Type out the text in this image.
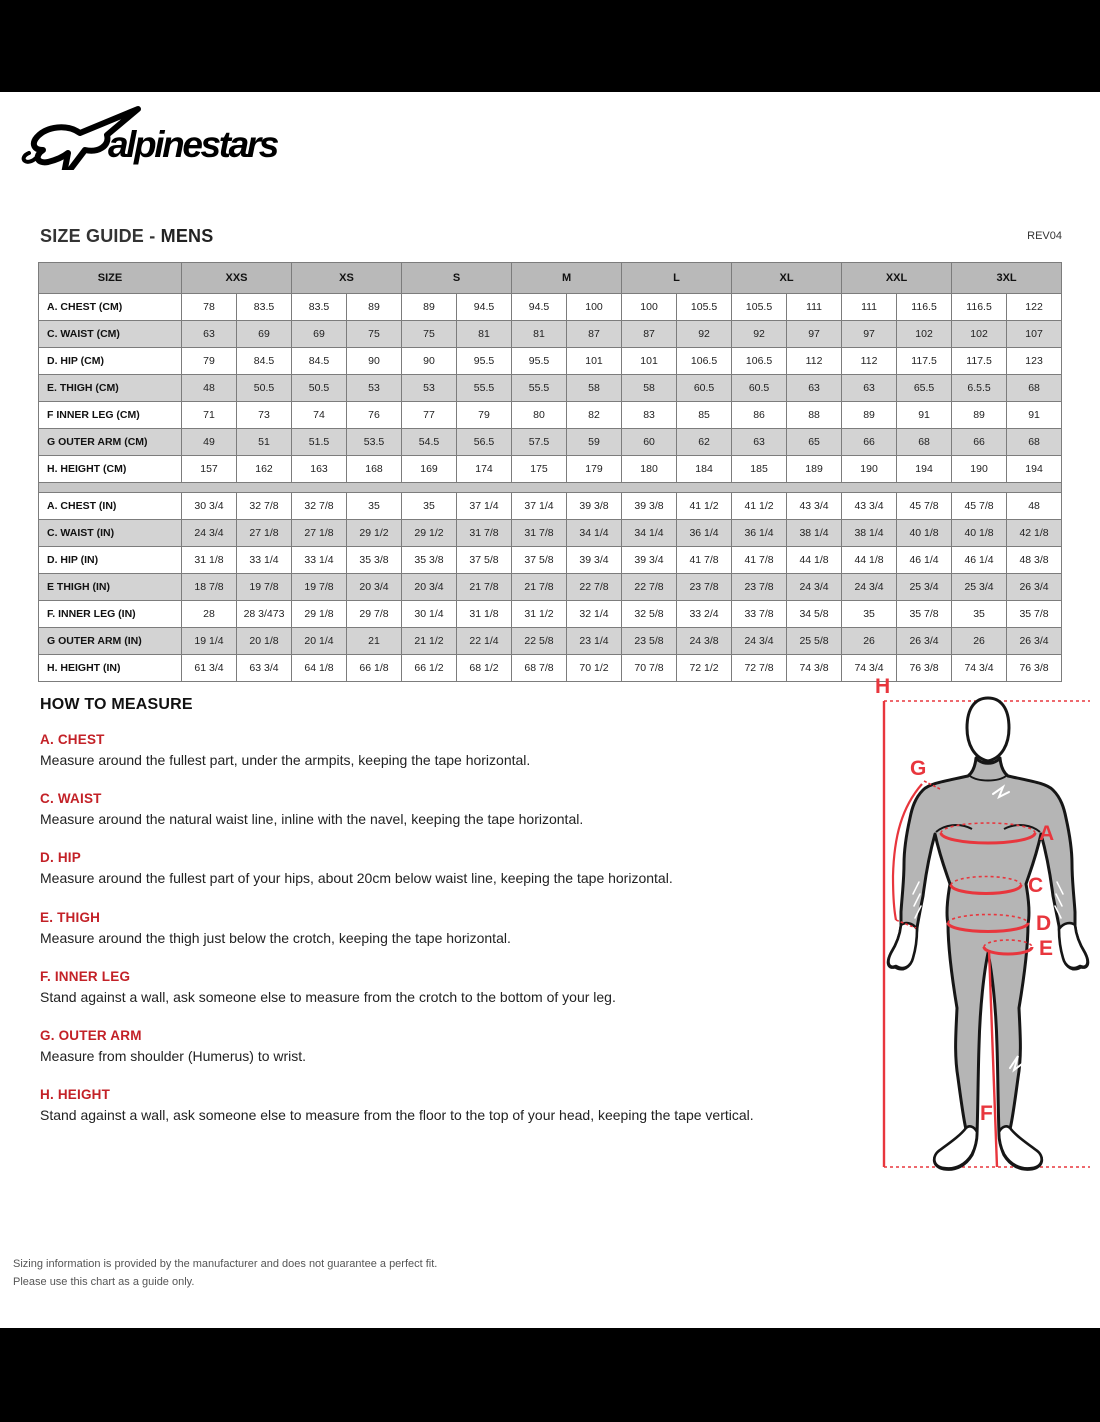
alpinestars
SIZE GUIDE - MENS	REV04
SIZE	XXS		XS		S		M		L		XL		XXL		3XL	
A. CHEST (CM)	78	83.5	83.5	89	89	94.5	94.5	100	100	105.5	105.5	111	111	116.5	116.5	122
C. WAIST (CM)	63	69	69	75	75	81	81	87	87	92	92	97	97	102	102	107
D. HIP (CM)	79	84.5	84.5	90	90	95.5	95.5	101	101	106.5	106.5	112	112	117.5	117.5	123
E. THIGH (CM)	48	50.5	50.5	53	53	55.5	55.5	58	58	60.5	60.5	63	63	65.5	6.5.5	68
F INNER LEG (CM)	71	73	74	76	77	79	80	82	83	85	86	88	89	91	89	91
G OUTER ARM (CM)	49	51	51.5	53.5	54.5	56.5	57.5	59	60	62	63	65	66	68	66	68
H. HEIGHT (CM)	157	162	163	168	169	174	175	179	180	184	185	189	190	194	190	194

A. CHEST (IN)	30 3/4	32 7/8	32 7/8	35	35	37 1/4	37 1/4	39 3/8	39 3/8	41 1/2	41 1/2	43 3/4	43 3/4	45 7/8	45 7/8	48
C. WAIST (IN)	24 3/4	27 1/8	27 1/8	29 1/2	29 1/2	31 7/8	31 7/8	34 1/4	34 1/4	36 1/4	36 1/4	38 1/4	38 1/4	40 1/8	40 1/8	42 1/8
D. HIP (IN)	31 1/8	33 1/4	33 1/4	35 3/8	35 3/8	37 5/8	37 5/8	39 3/4	39 3/4	41 7/8	41 7/8	44 1/8	44 1/8	46 1/4	46 1/4	48 3/8
E THIGH (IN)	18 7/8	19 7/8	19 7/8	20 3/4	20 3/4	21 7/8	21 7/8	22 7/8	22 7/8	23 7/8	23 7/8	24 3/4	24 3/4	25 3/4	25 3/4	26 3/4
F. INNER LEG (IN)	28	28 3/473	29 1/8	29 7/8	30 1/4	31 1/8	31 1/2	32 1/4	32 5/8	33 2/4	33 7/8	34 5/8	35	35 7/8	35	35 7/8
G OUTER ARM (IN)	19 1/4	20 1/8	20 1/4	21	21 1/2	22 1/4	22 5/8	23 1/4	23 5/8	24 3/8	24 3/4	25 5/8	26	26 3/4	26	26 3/4
H. HEIGHT (IN)	61 3/4	63 3/4	64 1/8	66 1/8	66 1/2	68 1/2	68 7/8	70 1/2	70 7/8	72 1/2	72 7/8	74 3/8	74 3/4	76 3/8	74 3/4	76 3/8
HOW TO MEASURE
A. CHEST
Measure around the fullest part, under the armpits, keeping the tape horizontal.
C. WAIST
Measure around the natural waist line, inline with the navel, keeping the tape horizontal.
D. HIP
Measure around the fullest part of your hips, about 20cm below waist line, keeping the tape horizontal.
E. THIGH
Measure around the thigh just below the crotch, keeping the tape horizontal.
F. INNER LEG
Stand against a wall, ask someone else to measure from the crotch to the bottom of your leg.
G. OUTER ARM
Measure from shoulder (Humerus) to wrist.
H. HEIGHT
Stand against a wall, ask someone else to measure from the floor to the top of your head, keeping the tape vertical.
H
G
A
C
D
E
F
Sizing information is provided by the manufacturer and does not guarantee a perfect fit.
Please use this chart as a guide only.
